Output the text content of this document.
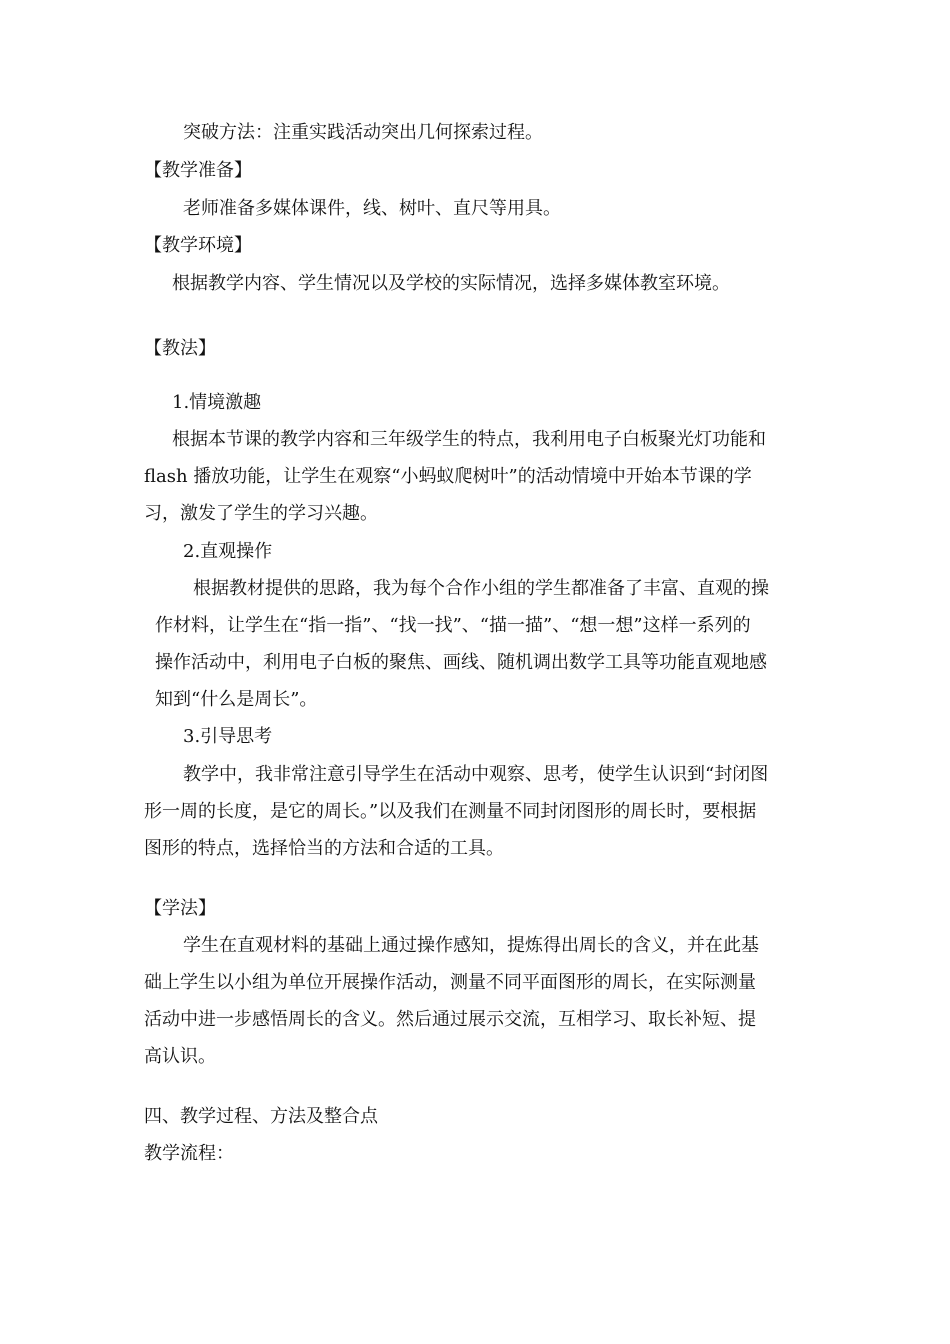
突破方法：注重实践活动突出几何探索过程。
【教学准备】
老师准备多媒体课件，线、树叶、直尺等用具。
【教学环境】
根据教学内容、学生情况以及学校的实际情况，选择多媒体教室环境。
【教法】
1.情境激趣
根据本节课的教学内容和三年级学生的特点，我利用电子白板聚光灯功能和
flash 播放功能，让学生在观察“小蚂蚁爬树叶”的活动情境中开始本节课的学
习，激发了学生的学习兴趣。
2.直观操作
根据教材提供的思路，我为每个合作小组的学生都准备了丰富、直观的操
作材料，让学生在“指一指”、“找一找”、“描一描”、“想一想”这样一系列的
操作活动中，利用电子白板的聚焦、画线、随机调出数学工具等功能直观地感
知到“什么是周长”。
3.引导思考
教学中，我非常注意引导学生在活动中观察、思考，使学生认识到“封闭图
形一周的长度，是它的周长。”以及我们在测量不同封闭图形的周长时，要根据
图形的特点，选择恰当的方法和合适的工具。
【学法】
学生在直观材料的基础上通过操作感知，提炼得出周长的含义，并在此基
础上学生以小组为单位开展操作活动，测量不同平面图形的周长，在实际测量
活动中进一步感悟周长的含义。然后通过展示交流，互相学习、取长补短、提
高认识。
四、教学过程、方法及整合点
教学流程：
